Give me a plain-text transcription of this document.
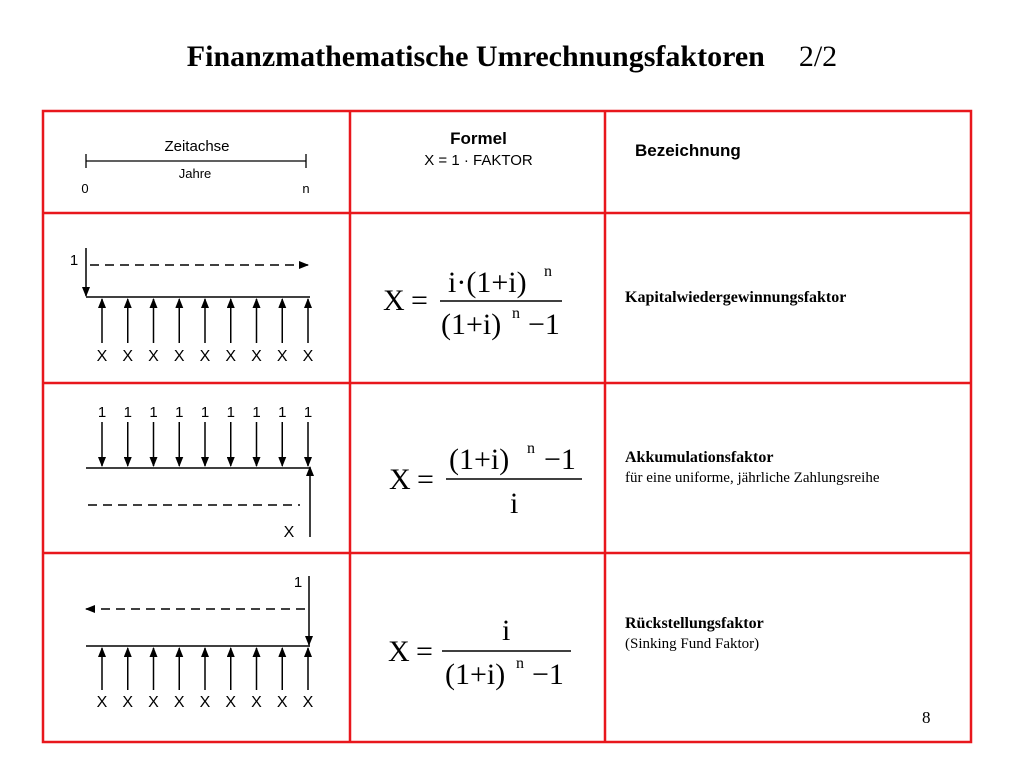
Finanzmathematische Umrechnungsfaktoren 2/2
Zeitachse
Jahre
0	n
1
X X X X X X X X X
1 1 1 1 1 1 1 1 1
X
1
X X X X X X X X X
X =
i·(1+i) n
(1+i) n −1
X =
(1+i) n −1
i
X =
i
(1+i) n −1
Formel
X = 1 · FAKTOR
Bezeichnung
Kapitalwiedergewinnungsfaktor
Akkumulationsfaktor
für eine uniforme, jährliche Zahlungsreihe
Rückstellungsfaktor
(Sinking Fund Faktor)
8
